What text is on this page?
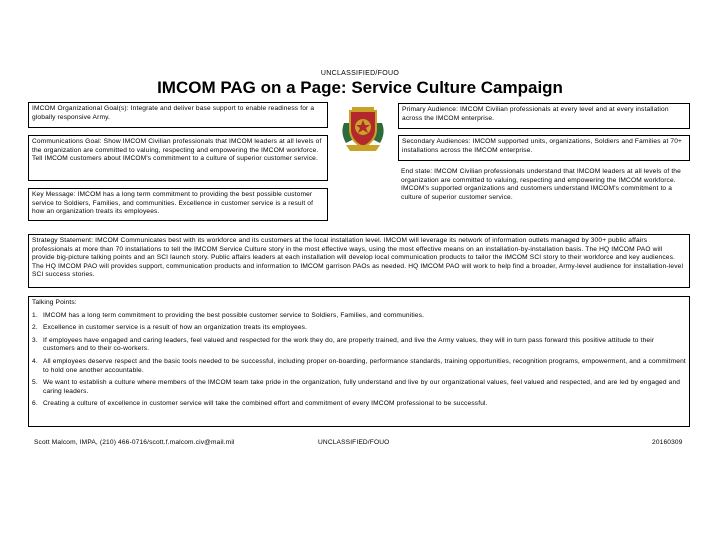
UNCLASSIFIED/FOUO
IMCOM PAG on a Page: Service Culture Campaign
IMCOM Organizational Goal(s): Integrate and deliver base support to enable readiness for a globally responsive Army.
Communications Goal: Show IMCOM Civilian professionals that IMCOM leaders at all levels of the organization are committed to valuing, respecting and empowering the IMCOM workforce. Tell IMCOM customers about IMCOM's commitment to a culture of superior customer service.
Key Message: IMCOM has a long term commitment to providing the best possible customer service to Soldiers, Families, and communities. Excellence in customer service is a result of how an organization treats its employees.
Primary Audience: IMCOM Civilian professionals at every level and at every installation across the IMCOM enterprise.
Secondary Audiences: IMCOM supported units, organizations, Soldiers and Families at 70+ installations across the IMCOM enterprise.
End state: IMCOM Civilian professionals understand that IMCOM leaders at all levels of the organization are committed to valuing, respecting and empowering the IMCOM workforce. IMCOM's supported organizations and customers understand IMCOM's commitment to a culture of superior customer service.
Strategy Statement: IMCOM Communicates best with its workforce and its customers at the local installation level. IMCOM will leverage its network of information outlets managed by 300+ public affairs professionals at more than 70 installations to tell the IMCOM Service Culture story in the most effective ways, using the most effective means on an installation-by-installation basis. The HQ IMCOM PAO will provide big-picture talking points and an SCI launch story. Public affairs leaders at each installation will develop local communication products to tailor the IMCOM SCI story to their workforce and key audiences. The HQ IMCOM PAO will provides support, communication products and information to IMCOM garrison PAOs as needed. HQ IMCOM PAO will work to help find a broader, Army-level audience for installation-level SCI success stories.
Talking Points:
1. IMCOM has a long term commitment to providing the best possible customer service to Soldiers, Families, and communities.
2. Excellence in customer service is a result of how an organization treats its employees.
3. If employees have engaged and caring leaders, feel valued and respected for the work they do, are properly trained, and live the Army values, they will in turn pass forward this positive attitude to their customers and to their co-workers.
4. All employees deserve respect and the basic tools needed to be successful, including proper on-boarding, performance standards, training opportunities, recognition programs, empowerment, and a commitment to hold one another accountable.
5. We want to establish a culture where members of the IMCOM team take pride in the organization, fully understand and live by our organizational values, feel valued and respected, and are led by engaged and caring leaders.
6. Creating a culture of excellence in customer service will take the combined effort and commitment of every IMCOM professional to be successful.
Scott Malcom, IMPA, (210) 466-0716/scott.f.malcom.civ@mail.mil	UNCLASSIFIED/FOUO	20160309
